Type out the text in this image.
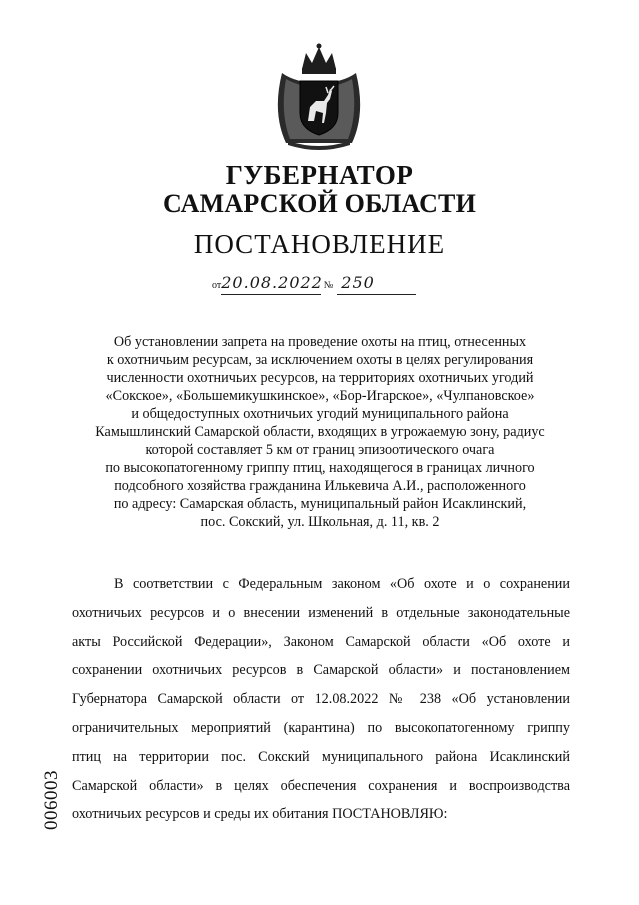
ГУБЕРНАТОР
САМАРСКОЙ ОБЛАСТИ
ПОСТАНОВЛЕНИЕ
от20.08.2022 № 250
Об установлении запрета на проведение охоты на птиц, отнесенных
к охотничьим ресурсам, за исключением охоты в целях регулирования
численности охотничьих ресурсов, на территориях охотничьих угодий
«Сокское», «Большемикушкинское», «Бор-Игарское», «Чулпановское»
и общедоступных охотничьих угодий муниципального района
Камышлинский Самарской области, входящих в угрожаемую зону, радиус
которой составляет 5 км от границ эпизоотического очага
по высокопатогенному гриппу птиц, находящегося в границах личного
подсобного хозяйства гражданина Илькевича А.И., расположенного
по адресу: Самарская область, муниципальный район Исаклинский,
пос. Сокский, ул. Школьная, д. 11, кв. 2
В соответствии с Федеральным законом «Об охоте и о сохранении
охотничьих ресурсов и о внесении изменений в отдельные законодательные
акты Российской Федерации», Законом Самарской области «Об охоте и
сохранении охотничьих ресурсов в Самарской области» и постановлением
Губернатора Самарской области от 12.08.2022 № 238 «Об установлении
ограничительных мероприятий (карантина) по высокопатогенному гриппу
птиц на территории пос. Сокский муниципального района Исаклинский
Самарской области» в целях обеспечения сохранения и воспроизводства
охотничьих ресурсов и среды их обитания ПОСТАНОВЛЯЮ:
006003
